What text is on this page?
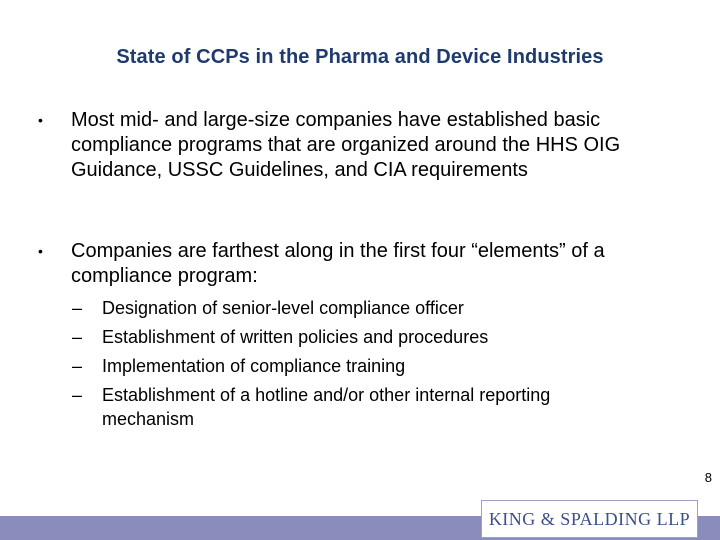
State of CCPs in the Pharma and Device Industries
• Most mid- and large-size companies have established basic compliance programs that are organized around the HHS OIG Guidance, USSC Guidelines, and CIA requirements
• Companies are farthest along in the first four “elements” of a compliance program:
– Designation of senior-level compliance officer
– Establishment of written policies and procedures
– Implementation of compliance training
– Establishment of a hotline and/or other internal reporting mechanism
8
KING & SPALDING LLP
